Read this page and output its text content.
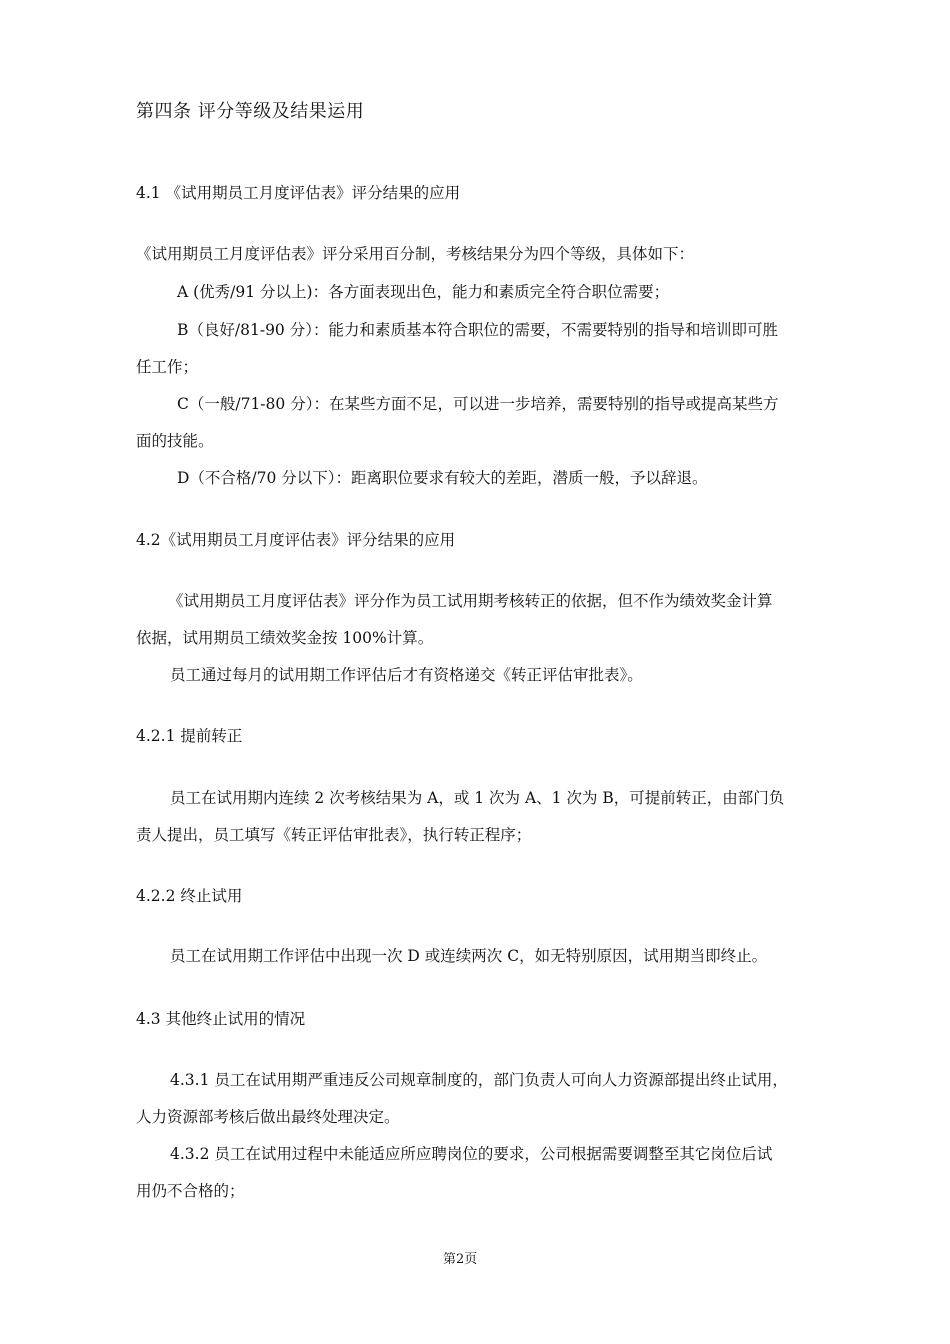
第四条 评分等级及结果运用
4.1 《试用期员工月度评估表》评分结果的应用
《试用期员工月度评估表》评分采用百分制，考核结果分为四个等级，具体如下：
A (优秀/91 分以上)：各方面表现出色，能力和素质完全符合职位需要；
B（良好/81-90 分）：能力和素质基本符合职位的需要，不需要特别的指导和培训即可胜
任工作；
C（一般/71-80 分）：在某些方面不足，可以进一步培养，需要特别的指导或提高某些方
面的技能。
D（不合格/70 分以下）：距离职位要求有较大的差距，潜质一般，予以辞退。
4.2《试用期员工月度评估表》评分结果的应用
《试用期员工月度评估表》评分作为员工试用期考核转正的依据，但不作为绩效奖金计算
依据，试用期员工绩效奖金按 100%计算。
员工通过每月的试用期工作评估后才有资格递交《转正评估审批表》。
4.2.1 提前转正
员工在试用期内连续 2 次考核结果为 A，或 1 次为 A、1 次为 B，可提前转正，由部门负
责人提出，员工填写《转正评估审批表》，执行转正程序；
4.2.2 终止试用
员工在试用期工作评估中出现一次 D 或连续两次 C，如无特别原因，试用期当即终止。
4.3 其他终止试用的情况
4.3.1 员工在试用期严重违反公司规章制度的，部门负责人可向人力资源部提出终止试用，
人力资源部考核后做出最终处理决定。
4.3.2 员工在试用过程中未能适应所应聘岗位的要求，公司根据需要调整至其它岗位后试
用仍不合格的；
第2页
